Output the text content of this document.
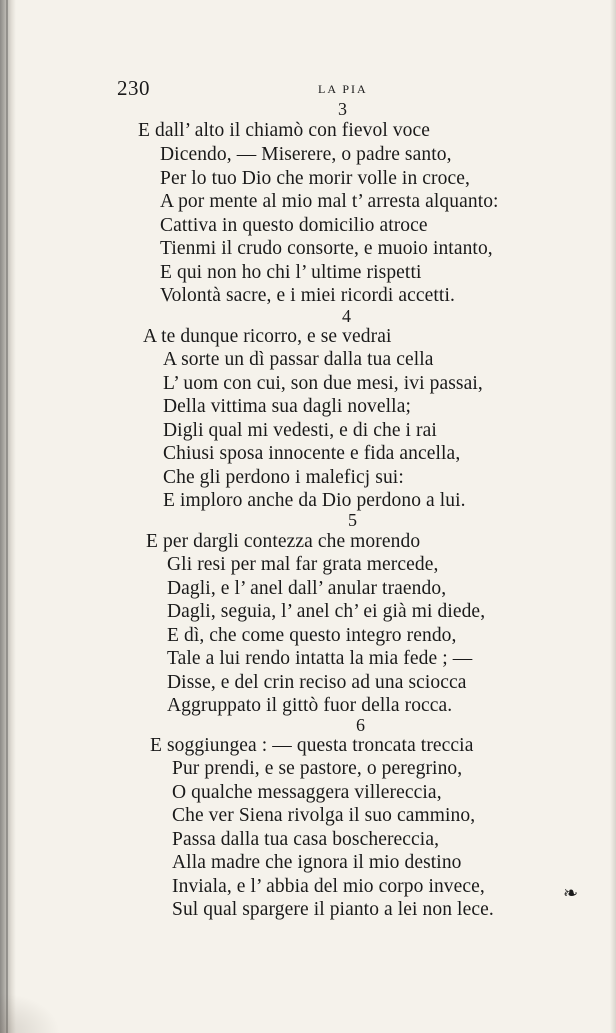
230	LA PIA
3
E dall’ alto il chiamò con fievol voce
Dicendo, — Miserere, o padre santo,
Per lo tuo Dio che morir volle in croce,
A por mente al mio mal t’ arresta alquanto:
Cattiva in questo domicilio atroce
Tienmi il crudo consorte, e muoio intanto,
E qui non ho chi l’ ultime rispetti
Volontà sacre, e i miei ricordi accetti.
4
A te dunque ricorro, e se vedrai
A sorte un dì passar dalla tua cella
L’ uom con cui, son due mesi, ivi passai,
Della vittima sua dagli novella;
Digli qual mi vedesti, e di che i rai
Chiusi sposa innocente e fida ancella,
Che gli perdono i maleficj sui:
E imploro anche da Dio perdono a lui.
5
E per dargli contezza che morendo
Gli resi per mal far grata mercede,
Dagli, e l’ anel dall’ anular traendo,
Dagli, seguia, l’ anel ch’ ei già mi diede,
E dì, che come questo integro rendo,
Tale a lui rendo intatta la mia fede ; —
Disse, e del crin reciso ad una sciocca
Aggruppato il gittò fuor della rocca.
6
E soggiungea : — questa troncata treccia
Pur prendi, e se pastore, o peregrino,
O qualche messaggera villereccia,
Che ver Siena rivolga il suo cammino,
Passa dalla tua casa boschereccia,
Alla madre che ignora il mio destino
Inviala, e l’ abbia del mio corpo invece,
Sul qual spargere il pianto a lei non lece.
❧
